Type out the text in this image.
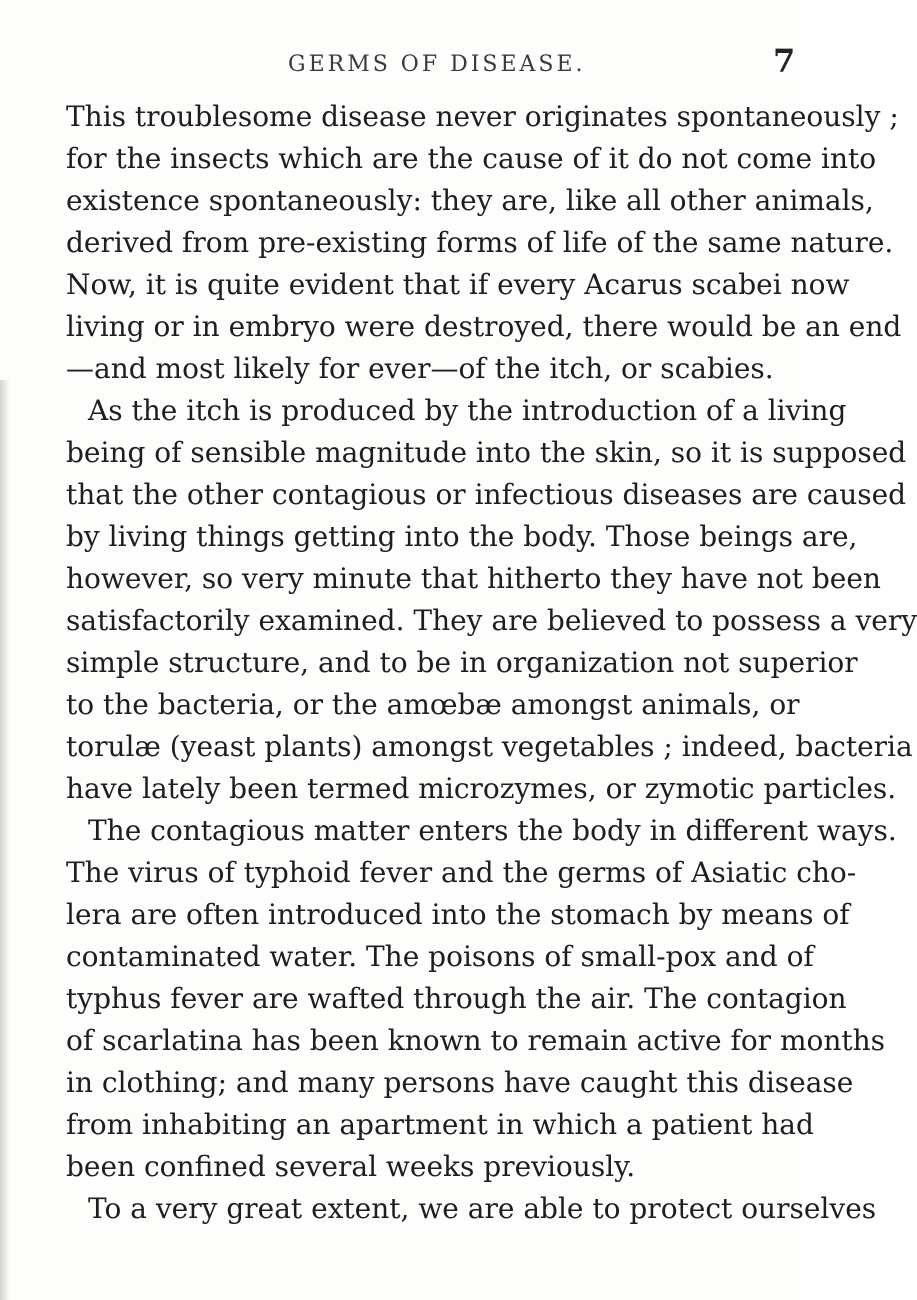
GERMS OF DISEASE.	7
This troublesome disease never originates spontaneously ;
for the insects which are the cause of it do not come into
existence spontaneously: they are, like all other animals,
derived from pre-existing forms of life of the same nature.
Now, it is quite evident that if every Acarus scabei now
living or in embryo were destroyed, there would be an end
—and most likely for ever—of the itch, or scabies.
As the itch is produced by the introduction of a living
being of sensible magnitude into the skin, so it is supposed
that the other contagious or infectious diseases are caused
by living things getting into the body. Those beings are,
however, so very minute that hitherto they have not been
satisfactorily examined. They are believed to possess a very
simple structure, and to be in organization not superior
to the bacteria, or the amœbæ amongst animals, or
torulæ (yeast plants) amongst vegetables ; indeed, bacteria
have lately been termed microzymes, or zymotic particles.
The contagious matter enters the body in different ways.
The virus of typhoid fever and the germs of Asiatic cho-
lera are often introduced into the stomach by means of
contaminated water. The poisons of small-pox and of
typhus fever are wafted through the air. The contagion
of scarlatina has been known to remain active for months
in clothing; and many persons have caught this disease
from inhabiting an apartment in which a patient had
been confined several weeks previously.
To a very great extent, we are able to protect ourselves
